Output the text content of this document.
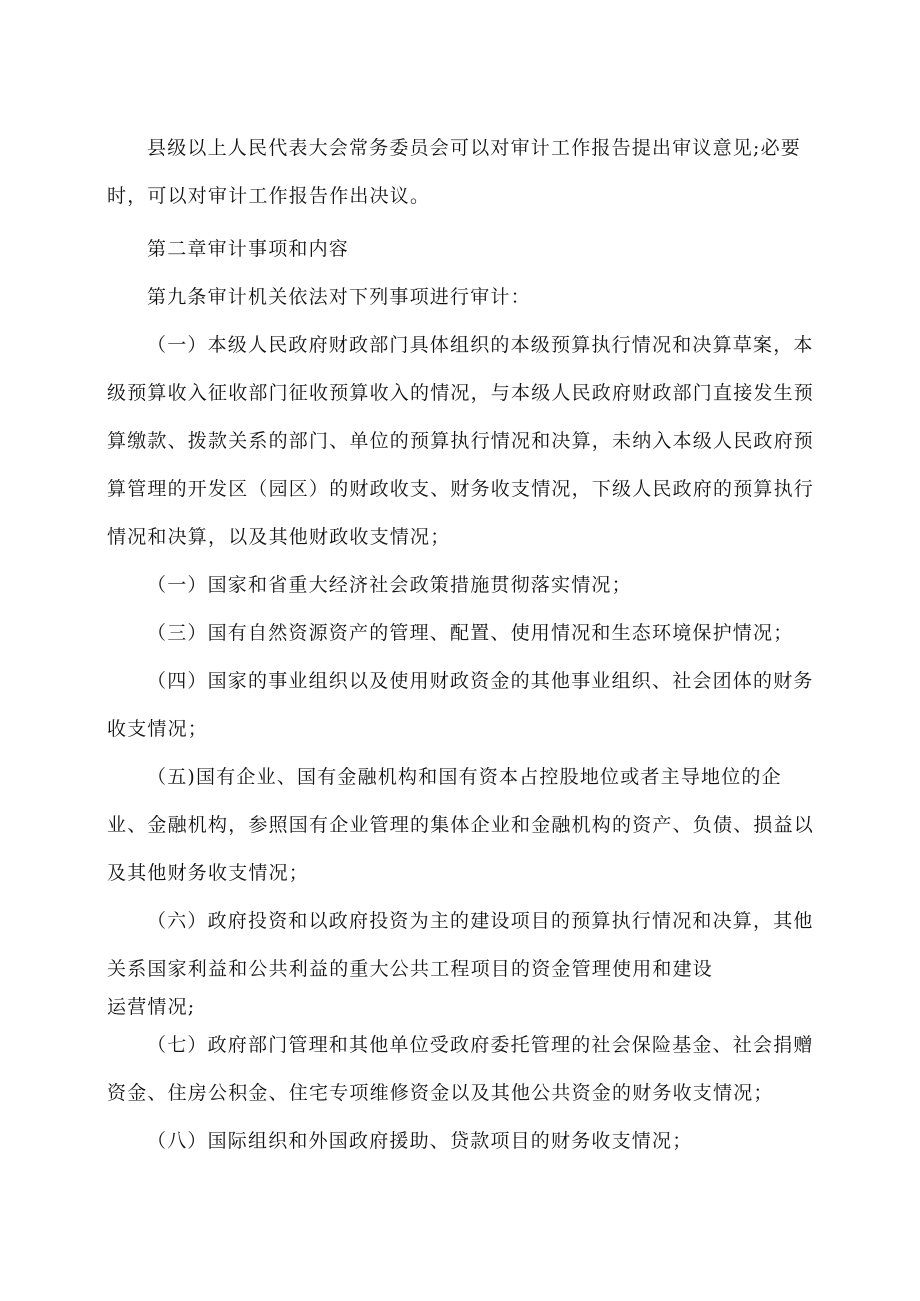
县级以上人民代表大会常务委员会可以对审计工作报告提出审议意见;必要时，可以对审计工作报告作出决议。

第二章审计事项和内容

第九条审计机关依法对下列事项进行审计：

（一）本级人民政府财政部门具体组织的本级预算执行情况和决算草案，本级预算收入征收部门征收预算收入的情况，与本级人民政府财政部门直接发生预算缴款、拨款关系的部门、单位的预算执行情况和决算，未纳入本级人民政府预算管理的开发区（园区）的财政收支、财务收支情况，下级人民政府的预算执行情况和决算，以及其他财政收支情况；

（一）国家和省重大经济社会政策措施贯彻落实情况；

（三）国有自然资源资产的管理、配置、使用情况和生态环境保护情况；

（四）国家的事业组织以及使用财政资金的其他事业组织、社会团体的财务收支情况；

（五)国有企业、国有金融机构和国有资本占控股地位或者主导地位的企业、金融机构，参照国有企业管理的集体企业和金融机构的资产、负债、损益以及其他财务收支情况；

（六）政府投资和以政府投资为主的建设项目的预算执行情况和决算，其他关系国家利益和公共利益的重大公共工程项目的资金管理使用和建设

运营情况;

（七）政府部门管理和其他单位受政府委托管理的社会保险基金、社会捐赠资金、住房公积金、住宅专项维修资金以及其他公共资金的财务收支情况；

（八）国际组织和外国政府援助、贷款项目的财务收支情况；
